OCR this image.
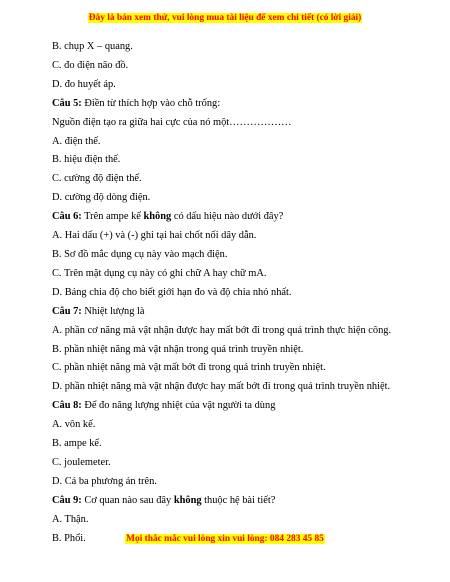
Đây là bản xem thử, vui lòng mua tài liệu để xem chi tiết (có lời giải)
B. chụp X – quang.
C. đo điện não đồ.
D. đo huyết áp.
Câu 5: Điền từ thích hợp vào chỗ trống:
Nguồn điện tạo ra giữa hai cực của nó một………………
A. điện thế.
B. hiệu điện thế.
C. cường độ điện thế.
D. cường độ dòng điện.
Câu 6: Trên ampe kế không có dấu hiệu nào dưới đây?
A. Hai dấu (+) và (-) ghi tại hai chốt nối dây dẫn.
B. Sơ đồ mắc dụng cụ này vào mạch điện.
C. Trên mặt dụng cụ này có ghi chữ A hay chữ mA.
D. Bảng chia độ cho biết giới hạn đo và độ chia nhỏ nhất.
Câu 7: Nhiệt lượng là
A. phần cơ năng mà vật nhận được hay mất bớt đi trong quá trình thực hiện công.
B. phần nhiệt năng mà vật nhận trong quá trình truyền nhiệt.
C. phần nhiệt năng mà vật mất bớt đi trong quá trình truyền nhiệt.
D. phần nhiệt năng mà vật nhận được hay mất bớt đi trong quá trình truyền nhiệt.
Câu 8: Để đo năng lượng nhiệt của vật người ta dùng
A. vôn kế.
B. ampe kế.
C. joulemeter.
D. Cả ba phương án trên.
Câu 9: Cơ quan nào sau đây không thuộc hệ bài tiết?
A. Thận.
B. Phổi.	Mọi thắc mắc vui lòng xin vui lòng: 084 283 45 85
